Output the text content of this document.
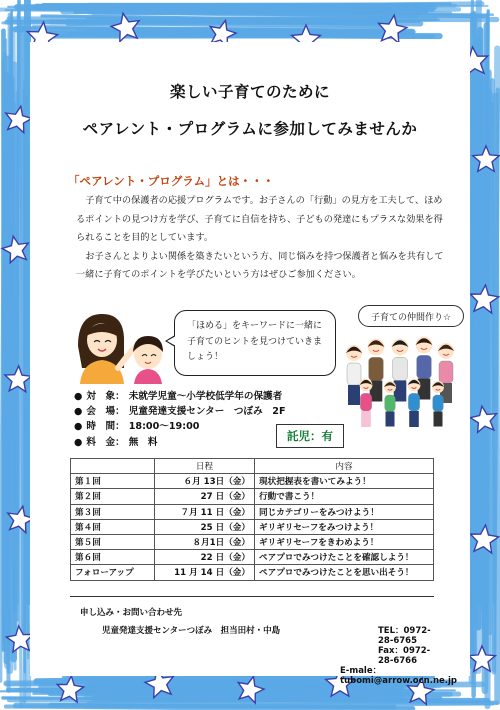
楽しい子育てのために
ペアレント・プログラムに参加してみませんか
「ペアレント・プログラム」とは・・・

子育て中の保護者の応援プログラムです。お子さんの「行動」の見方を工夫して、ほめるポイントの見つけ方を学び、子育てに自信を持ち、子どもの発達にもプラスな効果を得られることを目的としています。

お子さんとよりよい関係を築きたいという方、同じ悩みを持つ保護者と悩みを共有して一緒に子育てのポイントを学びたいという方はぜひご参加ください。

「ほめる」をキーワードに一緒に子育てのヒントを見つけていきましょう！
子育ての仲間作り☆
● 対　象： 未就学児童～小学校低学年の保護者
● 会　場： 児童発達支援センター　つぼみ　2F
● 時　間： 18:00～19:00
● 料　金： 無　料	託児：有
	日程	内容
第１回	６月 13日（金）	現状把握表を書いてみよう！
第２回	27 日（金）	行動で書こう！
第３回	７月 11 日（金）	同じカテゴリーをみつけよう！
第４回	25 日（金）	ギリギリセーフをみつけよう！
第５回	８月1日（金）	ギリギリセーフをきわめよう！
第６回	22 日（金）	ペアプロでみつけたことを確認しよう！
フォローアップ	11 月 14 日（金）	ペアプロでみつけたことを思い出そう！
申し込み・お問い合わせ先
児童発達支援センターつぼみ　担当田村・中島	TEL：0972-28-6765
Fax：0972-28-6766
E-male：tubomi@arrow.ocn.ne.jp
